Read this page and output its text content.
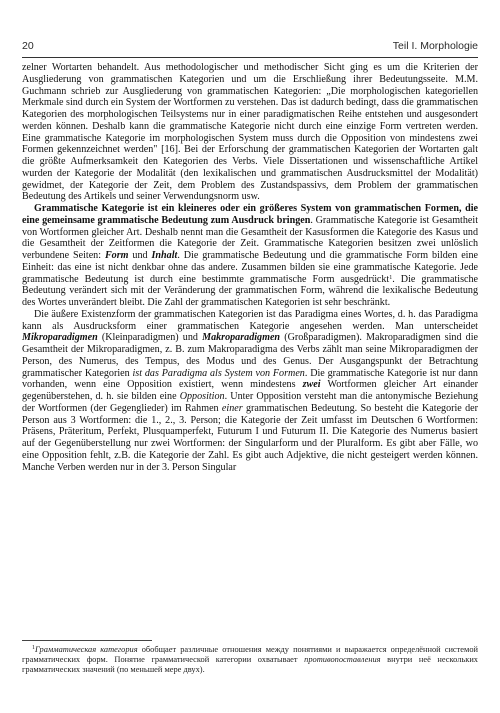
20	Teil I. Morphologie

zelner Wortarten behandelt. Aus methodologischer und methodischer Sicht ging es um die Kriterien der Ausgliederung von grammatischen Kategorien und um die Erschließung ihrer Bedeutungsseite. M.M. Guchmann schrieb zur Ausgliederung von grammatischen Kategorien: „Die morphologischen kategoriellen Merkmale sind durch ein System der Wortformen zu verstehen. Das ist dadurch bedingt, dass die grammatischen Kategorien des morphologischen Teilsystems nur in einer paradigmatischen Reihe entstehen und ausgesondert werden können. Deshalb kann die grammatische Kategorie nicht durch eine einzige Form vertreten werden. Eine grammatische Kategorie im morphologischen System muss durch die Opposition von mindestens zwei Formen gekennzeichnet werden" [16]. Bei der Erforschung der grammatischen Kategorien der Wortarten galt die größte Aufmerksamkeit den Kategorien des Verbs. Viele Dissertationen und wissenschaftliche Artikel wurden der Kategorie der Modalität (den lexikalischen und grammatischen Ausdrucksmittel der Modalität) gewidmet, der Kategorie der Zeit, dem Problem des Zustandspassivs, dem Problem der grammatischen Bedeutung des Artikels und seiner Verwendungsnorm usw.

Grammatische Kategorie ist ein kleineres oder ein größeres System von grammatischen Formen, die eine gemeinsame grammatische Bedeutung zum Ausdruck bringen. Grammatische Kategorie ist Gesamtheit von Wortformen gleicher Art. Deshalb nennt man die Gesamtheit der Kasusformen die Kategorie des Kasus und die Gesamtheit der Zeitformen die Kategorie der Zeit. Grammatische Kategorien besitzen zwei unlöslich verbundene Seiten: Form und Inhalt. Die grammatische Bedeutung und die grammatische Form bilden eine Einheit: das eine ist nicht denkbar ohne das andere. Zusammen bilden sie eine grammatische Kategorie. Jede grammatische Bedeutung ist durch eine bestimmte grammatische Form ausgedrückt$^1$. Die grammatische Bedeutung verändert sich mit der Veränderung der grammatischen Form, während die lexikalische Bedeutung des Wortes unverändert bleibt. Die Zahl der grammatischen Kategorien ist sehr beschränkt.

Die äußere Existenzform der grammatischen Kategorien ist das Paradigma eines Wortes, d. h. das Paradigma kann als Ausdrucksform einer grammatischen Kategorie angesehen werden. Man unterscheidet Mikroparadigmen (Kleinparadigmen) und Makroparadigmen (Großparadigmen). Makroparadigmen sind die Gesamtheit der Mikroparadigmen, z. B. zum Makroparadigma des Verbs zählt man seine Mikroparadigmen der Person, des Numerus, des Tempus, des Modus und des Genus. Der Ausgangspunkt der Betrachtung grammatischer Kategorien ist das Paradigma als System von Formen. Die grammatische Kategorie ist nur dann vorhanden, wenn eine Opposition existiert, wenn mindestens zwei Wortformen gleicher Art einander gegenüberstehen, d. h. sie bilden eine Opposition. Unter Opposition versteht man die antonymische Beziehung der Wortformen (der Gegenglieder) im Rahmen einer grammatischen Bedeutung. So besteht die Kategorie der Person aus 3 Wortformen: die 1., 2., 3. Person; die Kategorie der Zeit umfasst im Deutschen 6 Wortformen: Präsens, Präteritum, Perfekt, Plusquamperfekt, Futurum I und Futurum II. Die Kategorie des Numerus basiert auf der Gegenüberstellung nur zwei Wortformen: der Singularform und der Pluralform. Es gibt aber Fälle, wo eine Opposition fehlt, z.B. die Kategorie der Zahl. Es gibt auch Adjektive, die nicht gesteigert werden können. Manche Verben werden nur in der 3. Person Singular

$^1$Грамматическая категория обобщает различные отношения между понятиями и выражается определённой системой грамматических форм. Понятие грамматической категории охватывает противопоставления внутри неё нескольких грамматических значений (по меньшей мере двух).
